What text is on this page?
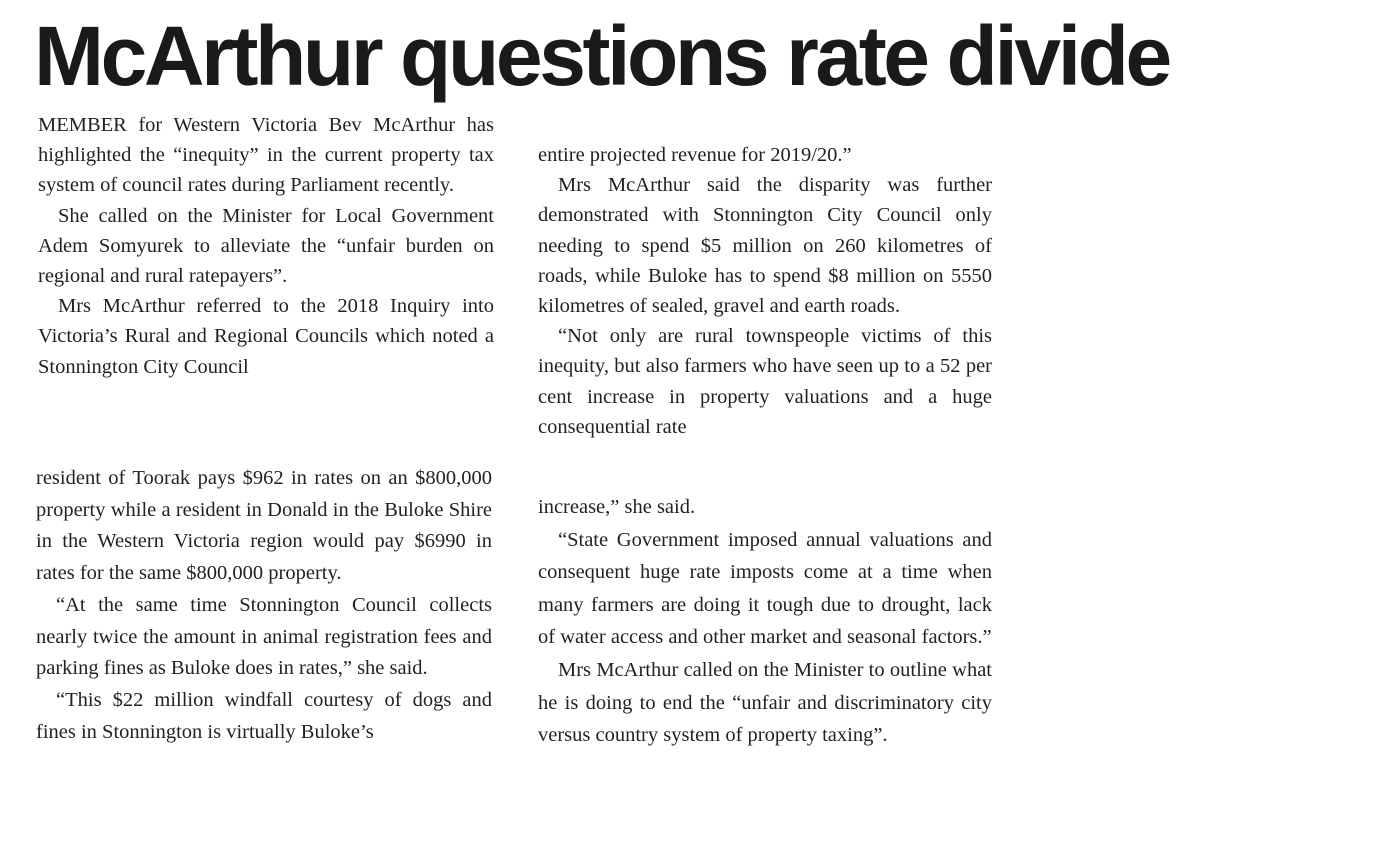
McArthur questions rate divide

MEMBER for Western Victoria Bev McArthur has highlighted the “inequity” in the current property tax system of council rates during Parliament recently.

She called on the Minister for Local Government Adem Somyurek to alleviate the “unfair burden on regional and rural ratepayers”.

Mrs McArthur referred to the 2018 Inquiry into Victoria’s Rural and Regional Councils which noted a Stonnington City Council

resident of Toorak pays $962 in rates on an $800,000 property while a resident in Donald in the Buloke Shire in the Western Victoria region would pay $6990 in rates for the same $800,000 property.

“At the same time Stonnington Council collects nearly twice the amount in animal registration fees and parking fines as Buloke does in rates,” she said.

“This $22 million windfall courtesy of dogs and fines in Stonnington is virtually Buloke’s

entire projected revenue for 2019/20.”

Mrs McArthur said the disparity was further demonstrated with Stonnington City Council only needing to spend $5 million on 260 kilometres of roads, while Buloke has to spend $8 million on 5550 kilometres of sealed, gravel and earth roads.

“Not only are rural townspeople victims of this inequity, but also farmers who have seen up to a 52 per cent increase in property valuations and a huge consequential rate

increase,” she said.

“State Government imposed annual valuations and consequent huge rate imposts come at a time when many farmers are doing it tough due to drought, lack of water access and other market and seasonal factors.”

Mrs McArthur called on the Minister to outline what he is doing to end the “unfair and discriminatory city versus country system of property taxing”.
